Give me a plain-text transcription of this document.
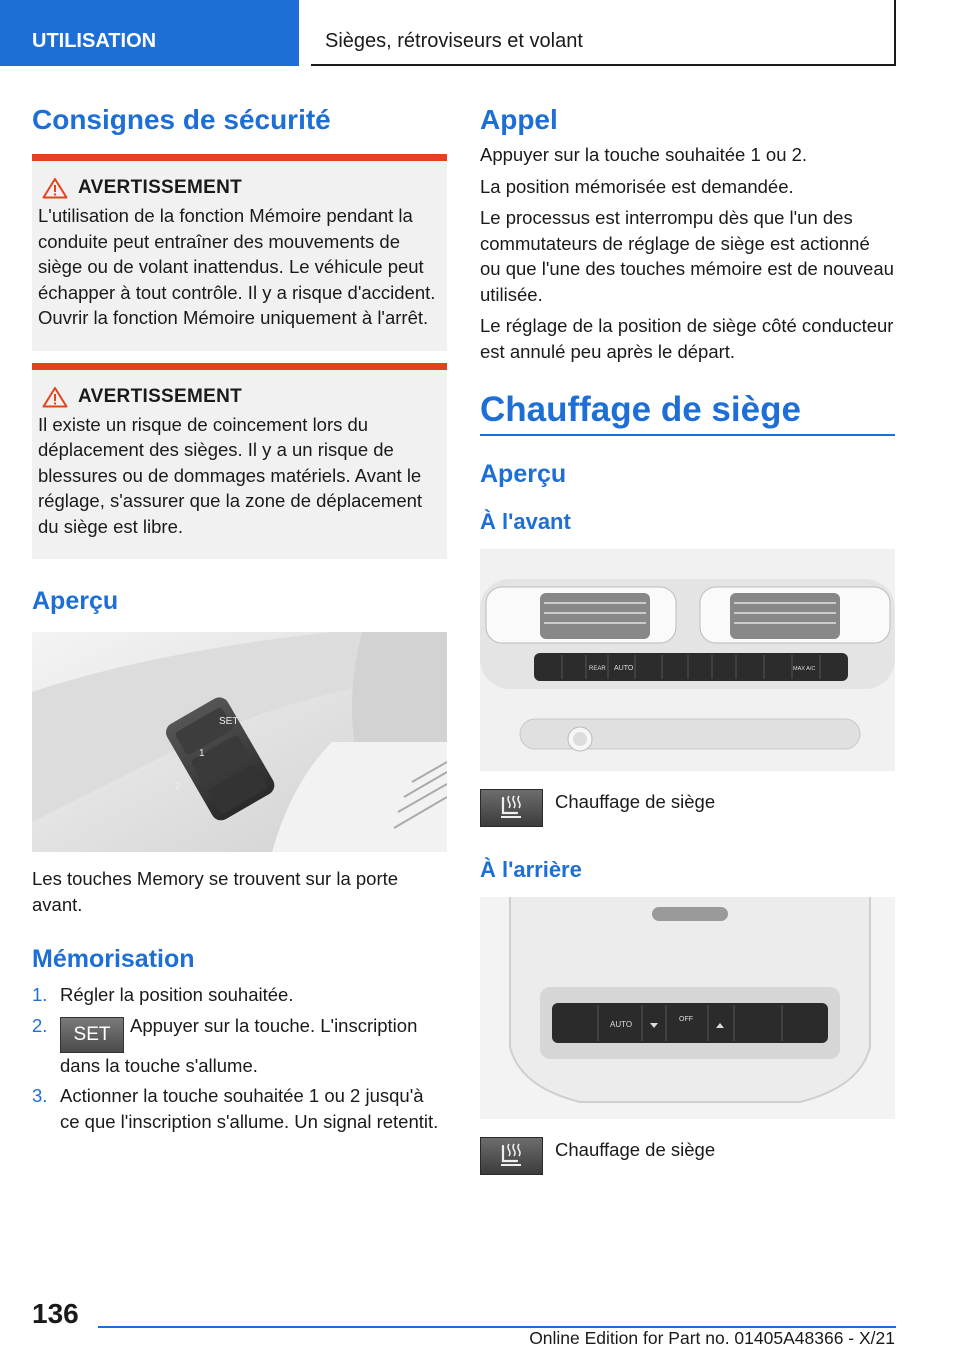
UTILISATION	Sièges, rétroviseurs et volant
Consignes de sécurité
AVERTISSEMENT

L'utilisation de la fonction Mémoire pendant la conduite peut entraîner des mouvements de siège ou de volant inattendus. Le véhicule peut échapper à tout contrôle. Il y a risque d'accident. Ouvrir la fonction Mémoire uniquement à l'arrêt.

AVERTISSEMENT

Il existe un risque de coincement lors du déplacement des sièges. Il y a un risque de blessures ou de dommages matériels. Avant le réglage, s'assurer que la zone de déplacement du siège est libre.

Aperçu
SET
1
2

Les touches Memory se trouvent sur la porte avant.

Mémorisation
1. Régler la position souhaitée.
2.	SET Appuyer sur la touche. L'inscription dans la touche s'allume.
3. Actionner la touche souhaitée 1 ou 2 jusqu'à ce que l'inscription s'allume. Un signal retentit.
Appel

Appuyer sur la touche souhaitée 1 ou 2.

La position mémorisée est demandée.

Le processus est interrompu dès que l'un des commutateurs de réglage de siège est actionné ou que l'une des touches mémoire est de nouveau utilisée.

Le réglage de la position de siège côté conducteur est annulé peu après le départ.

Chauffage de siège
Aperçu
À l'avant
AUTO
REAR	MAX A/C

Chauffage de siège

À l'arrière
AUTO
OFF

Chauffage de siège

136
Online Edition for Part no. 01405A48366 - X/21
